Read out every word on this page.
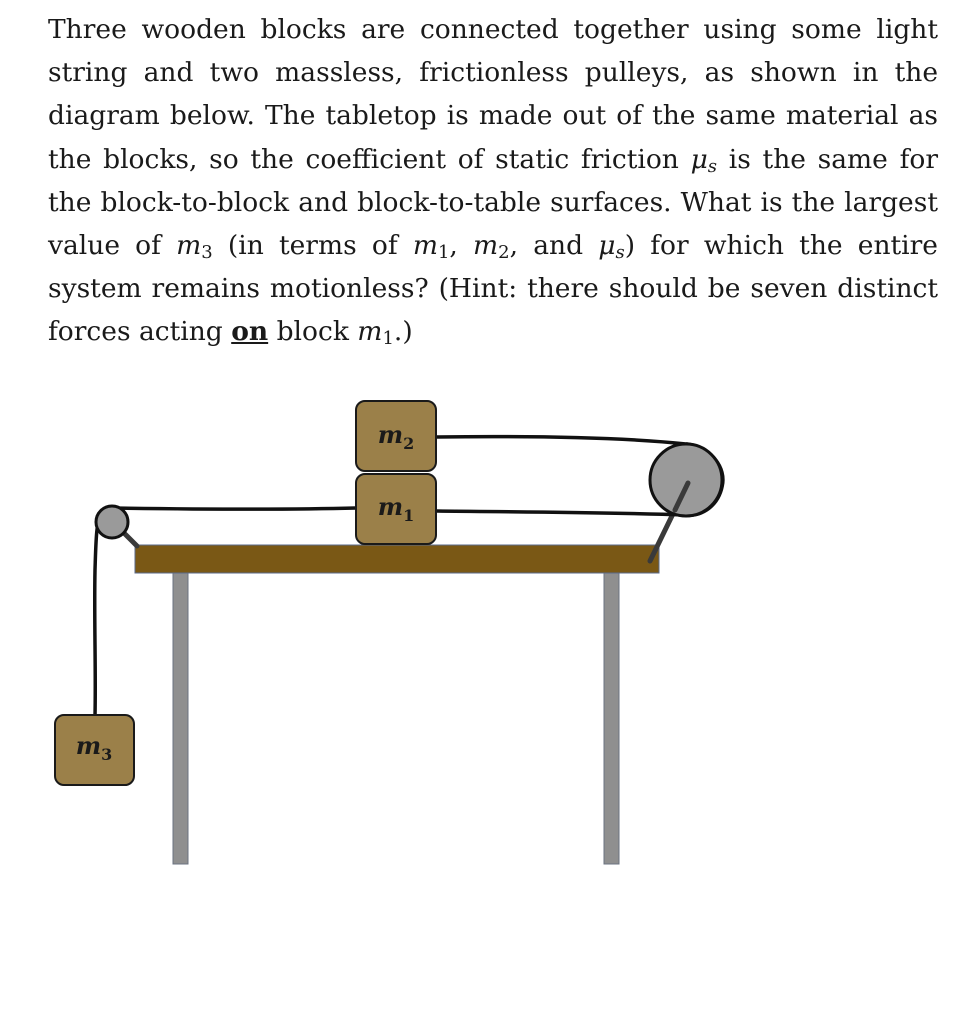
Three wooden blocks are connected together using some light string and two massless, frictionless pulleys, as shown in the diagram below. The tabletop is made out of the same material as the blocks, so the coefficient of static friction $\mu_s$ is the same for the block-to-block and block-to-table surfaces. What is the largest value of $m_3$ (in terms of $m_1$, $m_2$, and $\mu_s$) for which the entire system remains motionless? (Hint: there should be seven distinct forces acting on block $m_1$.)

m2
m1
m3
